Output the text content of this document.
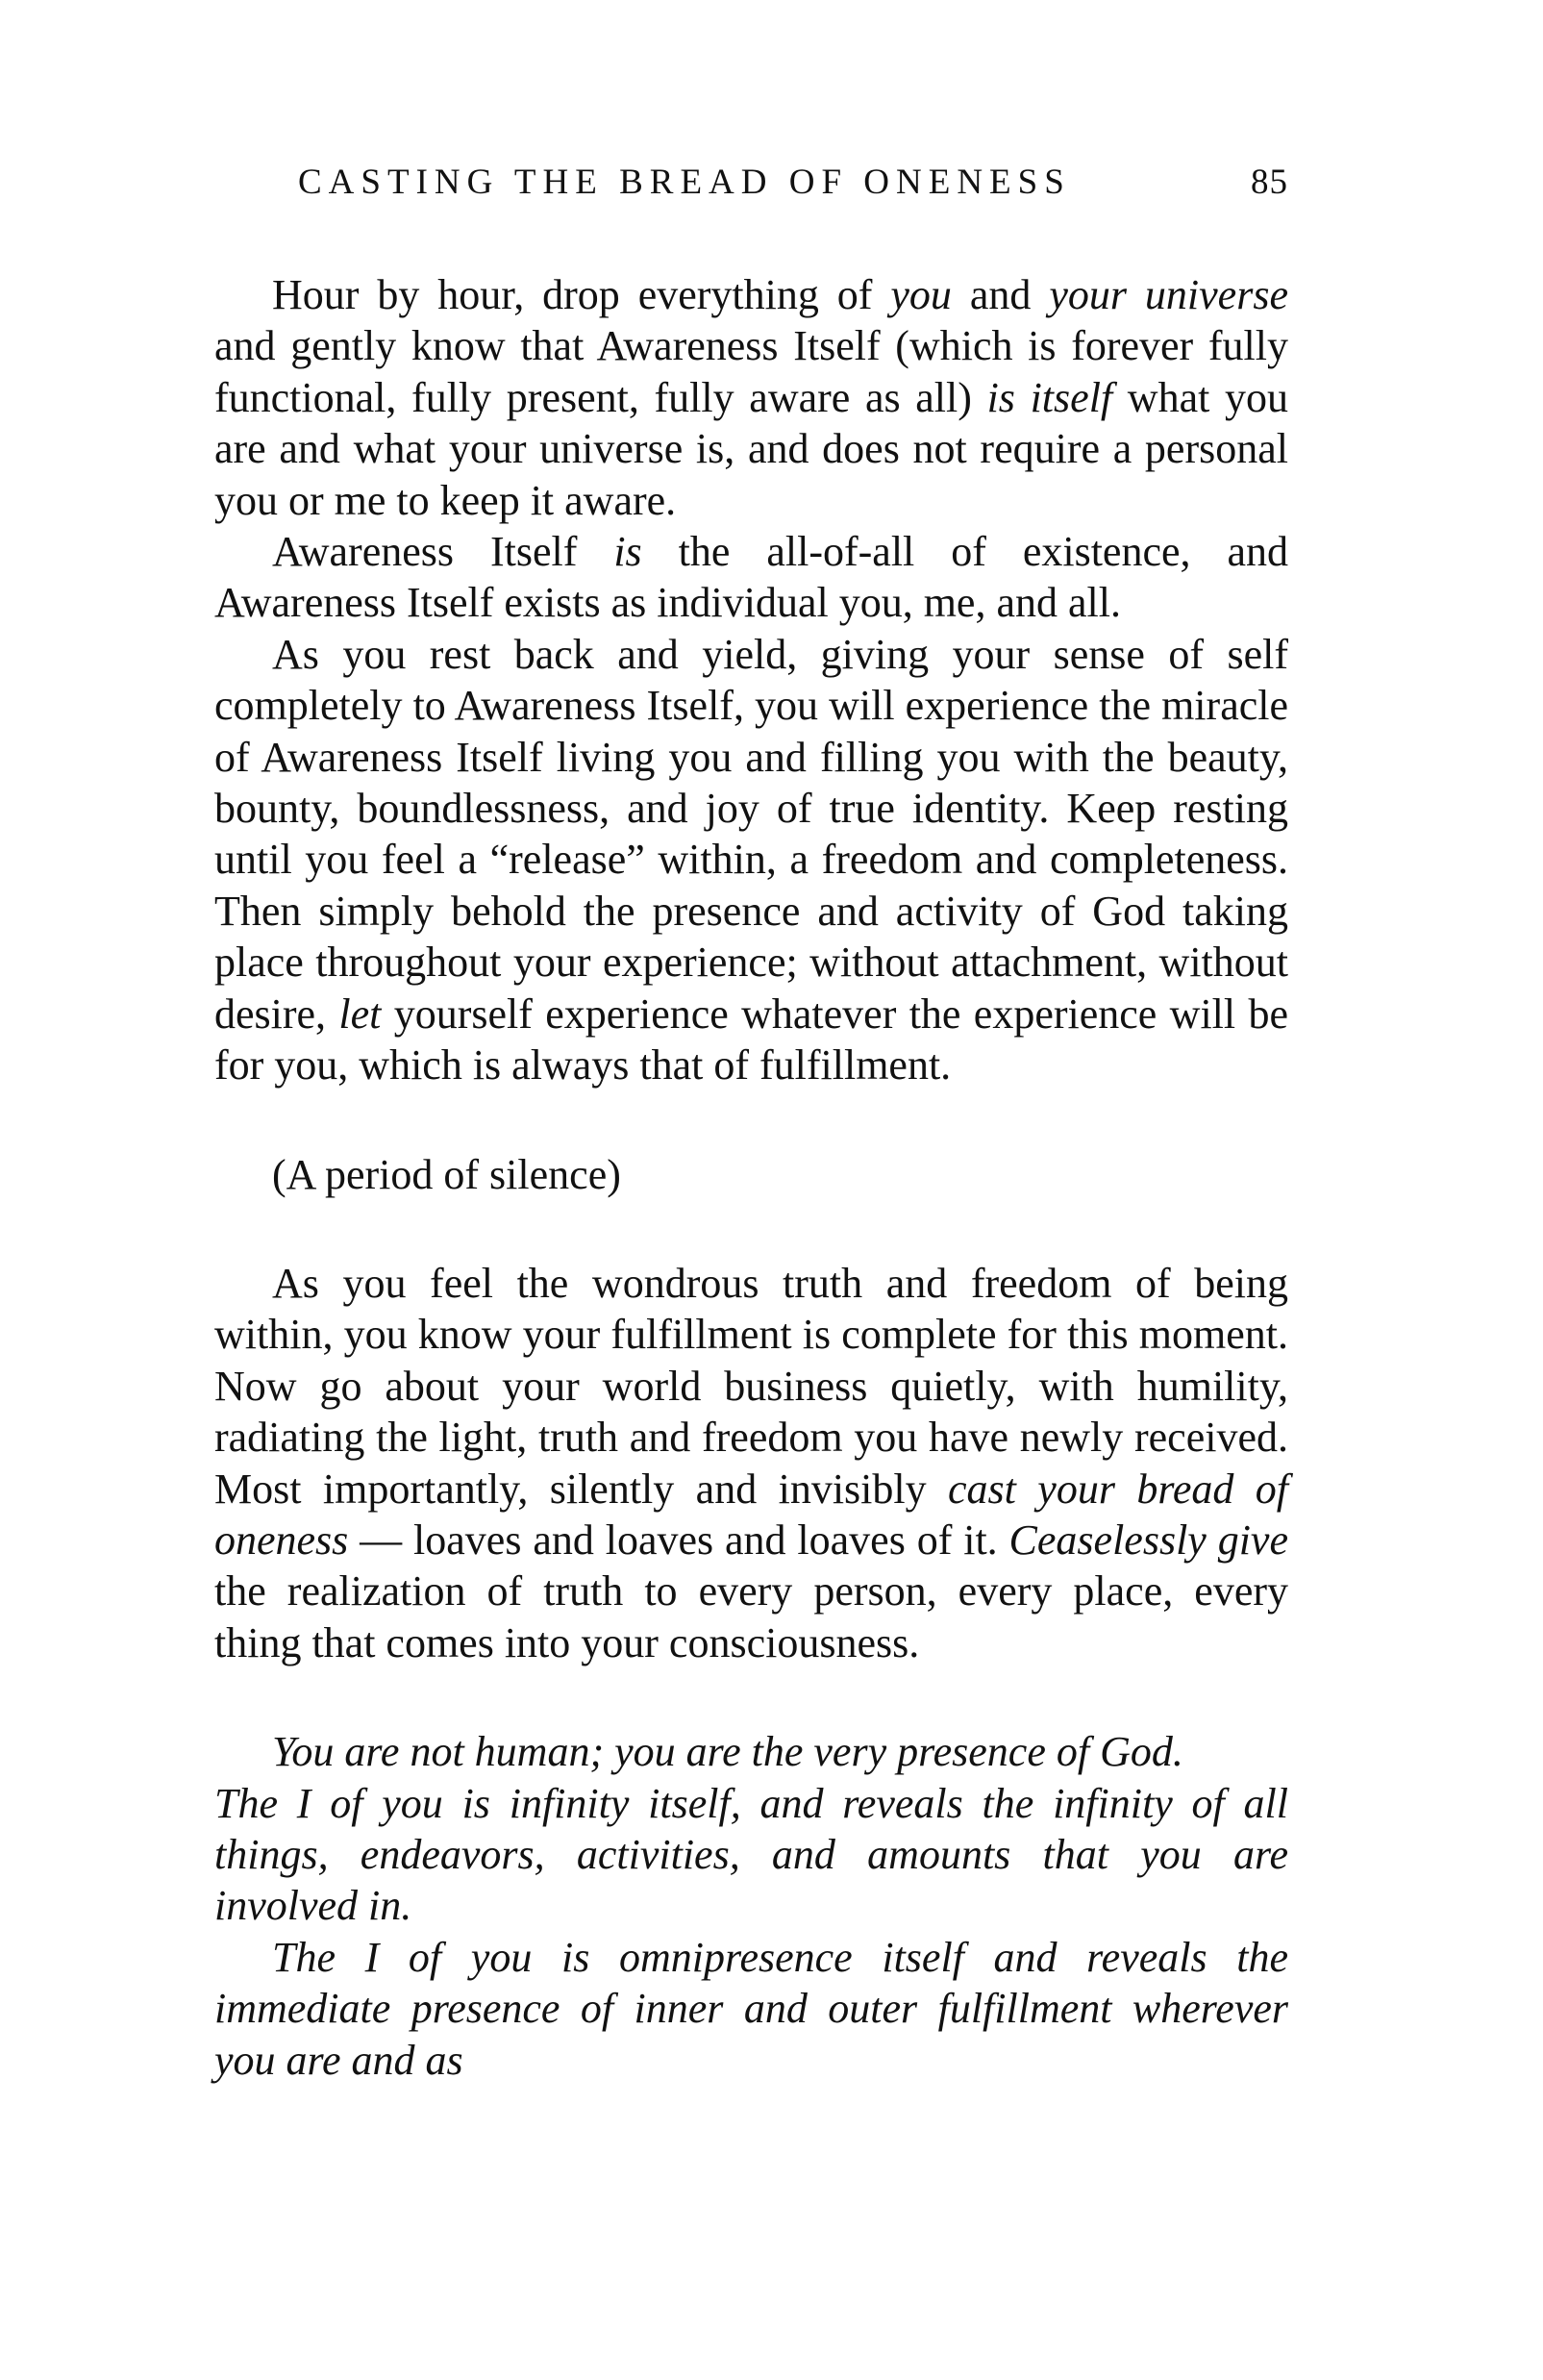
CASTING THE BREAD OF ONENESS	85

Hour by hour, drop everything of you and your universe and gently know that Awareness Itself (which is forever fully functional, fully present, fully aware as all) is itself what you are and what your universe is, and does not require a personal you or me to keep it aware.

Awareness Itself is the all-of-all of existence, and Awareness Itself exists as individual you, me, and all.

As you rest back and yield, giving your sense of self completely to Awareness Itself, you will experience the miracle of Awareness Itself living you and filling you with the beauty, bounty, boundlessness, and joy of true identity. Keep resting until you feel a “release” within, a freedom and completeness. Then simply behold the presence and activity of God taking place throughout your experience; without attachment, without desire, let yourself experience whatever the experience will be for you, which is always that of fulfillment.

(A period of silence)

As you feel the wondrous truth and freedom of being within, you know your fulfillment is complete for this moment. Now go about your world business quietly, with humility, radiating the light, truth and freedom you have newly received. Most importantly, silently and invisibly cast your bread of oneness — loaves and loaves and loaves of it. Ceaselessly give the realization of truth to every person, every place, every thing that comes into your consciousness.

You are not human; you are the very presence of God.

The I of you is infinity itself, and reveals the infinity of all things, endeavors, activities, and amounts that you are involved in.

The I of you is omnipresence itself and reveals the immediate presence of inner and outer fulfillment wherever you are and as
